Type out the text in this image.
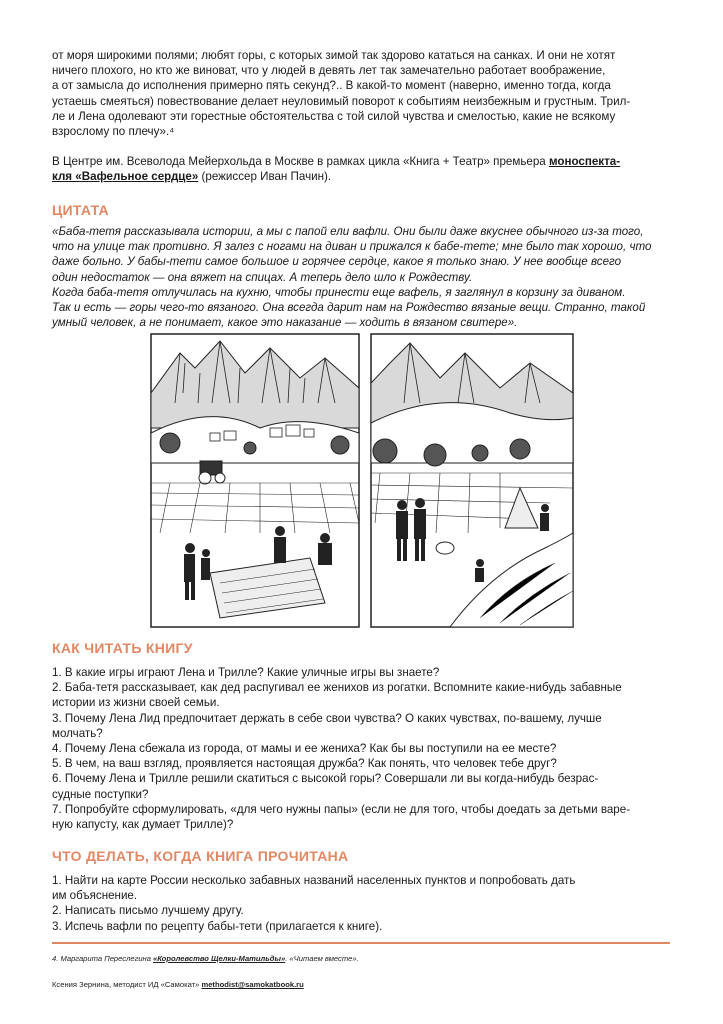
от моря широкими полями; любят горы, с которых зимой так здорово кататься на санках. И они не хотят

ничего плохого, но кто же виноват, что у людей в девять лет так замечательно работает воображение,

а от замысла до исполнения примерно пять секунд?.. В какой-то момент (наверно, именно тогда, когда

устаешь смеяться) повествование делает неуловимый поворот к событиям неизбежным и грустным. Трил-

ле и Лена одолевают эти горестные обстоятельства с той силой чувства и смелостью, какие не всякому

взрослому по плечу».⁴

В Центре им. Всеволода Мейерхольда в Москве в рамках цикла «Книга + Театр» премьера моноспекта-

кля «Вафельное сердце» (режиссер Иван Пачин).

ЦИТАТА

«Баба-тетя рассказывала истории, а мы с папой ели вафли. Они были даже вкуснее обычного из-за того,

что на улице так противно. Я залез с ногами на диван и прижался к бабе-тете; мне было так хорошо, что

даже больно. У бабы-тети самое большое и горячее сердце, какое я только знаю. У нее вообще всего

один недостаток — она вяжет на спицах. А теперь дело шло к Рождеству.

Когда баба-тетя отлучилась на кухню, чтобы принести еще вафель, я заглянул в корзину за диваном.

Так и есть — горы чего-то вязаного. Она всегда дарит нам на Рождество вязаные вещи. Странно, такой

умный человек, а не понимает, какое это наказание — ходить в вязаном свитере».

КАК ЧИТАТЬ КНИГУ
1. В какие игры играют Лена и Трилле? Какие уличные игры вы знаете?
2. Баба-тетя рассказывает, как дед распугивал ее женихов из рогатки. Вспомните какие-нибудь забавные
истории из жизни своей семьи.
3. Почему Лена Лид предпочитает держать в себе свои чувства? О каких чувствах, по-вашему, лучше
молчать?
4. Почему Лена сбежала из города, от мамы и ее жениха? Как бы вы поступили на ее месте?
5. В чем, на ваш взгляд, проявляется настоящая дружба? Как понять, что человек тебе друг?
6. Почему Лена и Трилле решили скатиться с высокой горы? Совершали ли вы когда-нибудь безрас-
судные поступки?
7. Попробуйте сформулировать, «для чего нужны папы» (если не для того, чтобы доедать за детьми варе-
ную капусту, как думает Трилле)?
ЧТО ДЕЛАТЬ, КОГДА КНИГА ПРОЧИТАНА
1. Найти на карте России несколько забавных названий населенных пунктов и попробовать дать
им объяснение.
2. Написать письмо лучшему другу.
3. Испечь вафли по рецепту бабы-тети (прилагается к книге).
4. Маргарита Переслегина «Королевство Щелки-Матильды». «Читаем вместе».
Ксения Зернина, методист ИД «Самокат» methodist@samokatbook.ru
